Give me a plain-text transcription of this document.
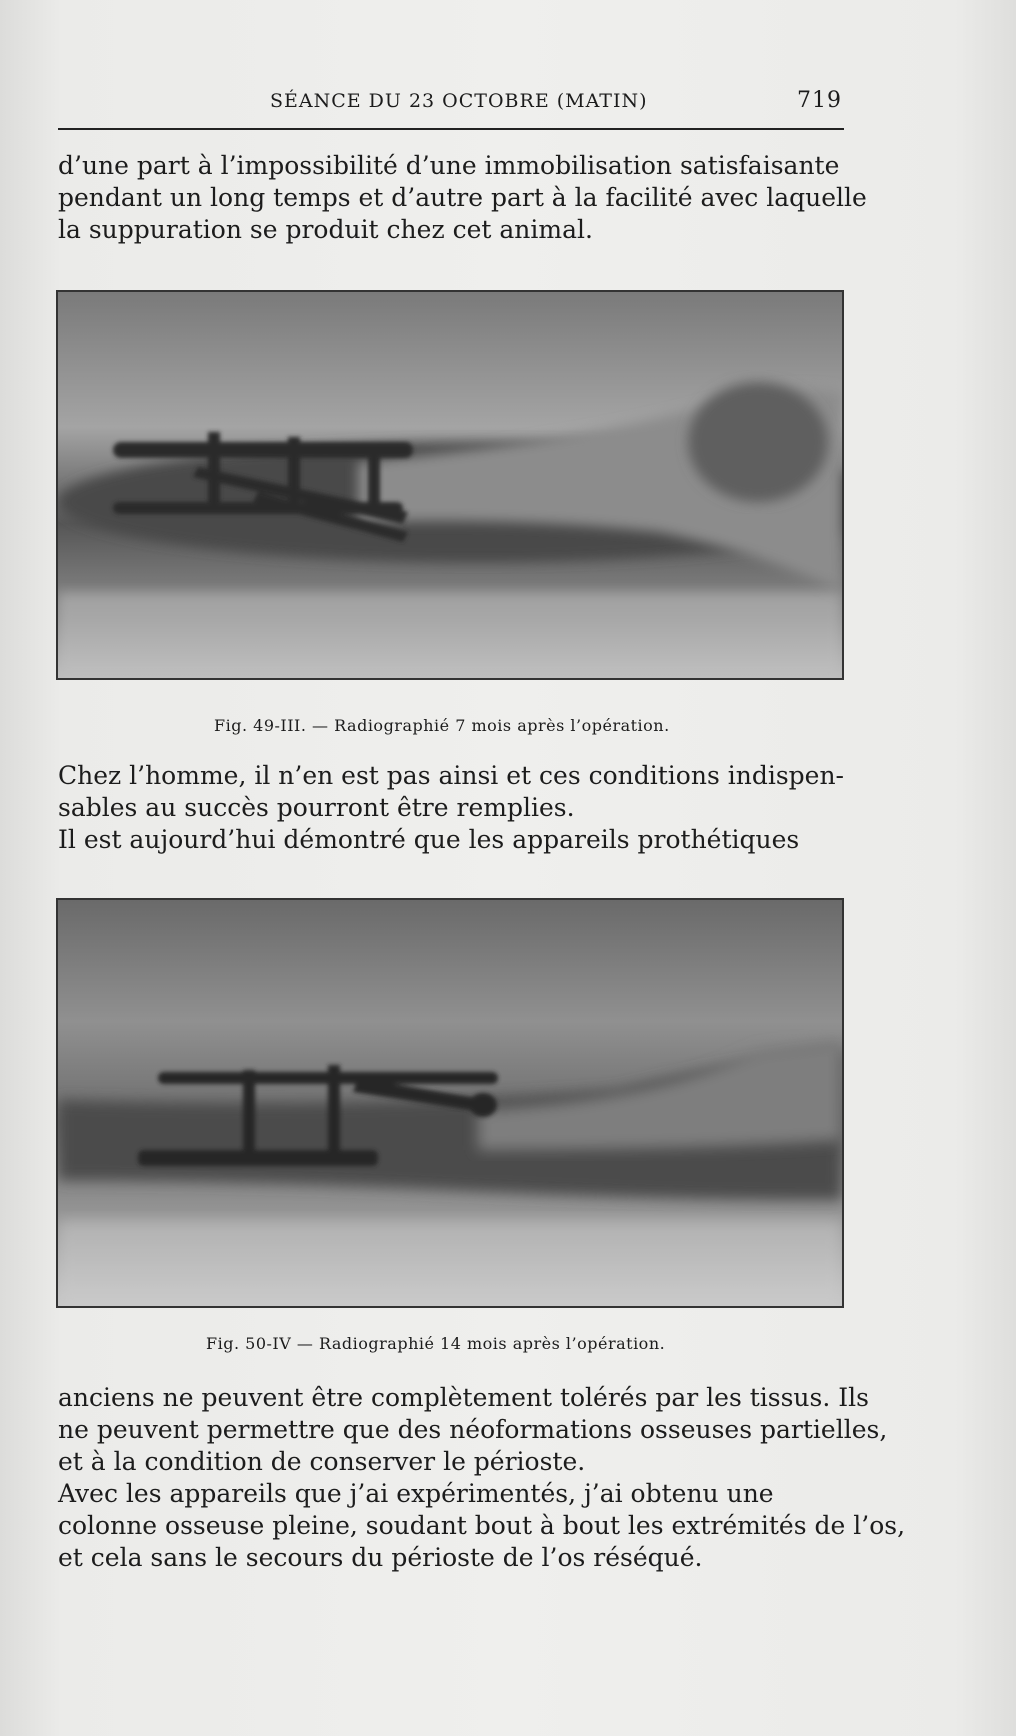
SÉANCE DU 23 OCTOBRE (MATIN)	719
d’une part à l’impossibilité d’une immobilisation satisfaisante
pendant un long temps et d’autre part à la facilité avec laquelle
la suppuration se produit chez cet animal.
Fig. 49-III. — Radiographié 7 mois après l’opération.
Chez l’homme, il n’en est pas ainsi et ces conditions indispen-
sables au succès pourront être remplies.
Il est aujourd’hui démontré que les appareils prothétiques
Fig. 50-IV — Radiographié 14 mois après l’opération.
anciens ne peuvent être complètement tolérés par les tissus. Ils
ne peuvent permettre que des néoformations osseuses partielles,
et à la condition de conserver le périoste.
Avec les appareils que j’ai expérimentés, j’ai obtenu une
colonne osseuse pleine, soudant bout à bout les extrémités de l’os,
et cela sans le secours du périoste de l’os réséqué.
